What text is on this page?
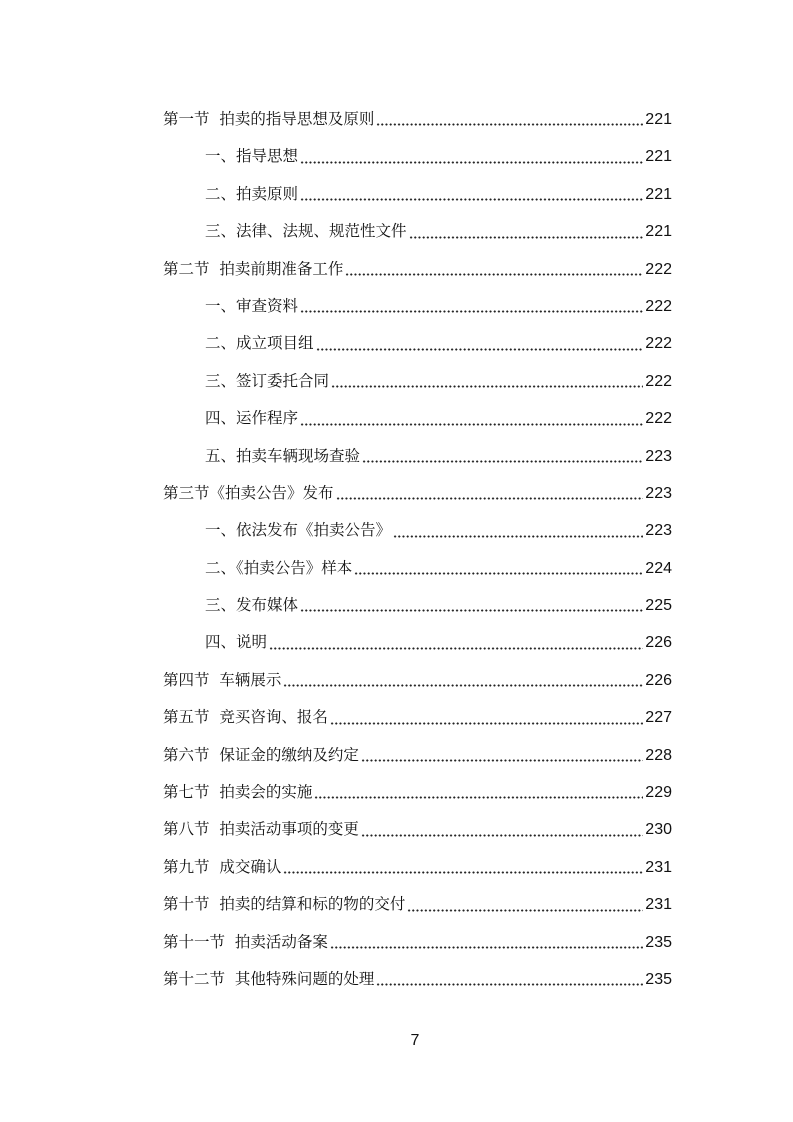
第一节  拍卖的指导思想及原则	221
一、指导思想	221
二、拍卖原则	221
三、法律、法规、规范性文件	221
第二节  拍卖前期准备工作	222
一、审查资料	222
二、成立项目组	222
三、签订委托合同	222
四、运作程序	222
五、拍卖车辆现场查验	223
第三节《拍卖公告》发布	223
一、依法发布《拍卖公告》	223
二、《拍卖公告》样本	224
三、发布媒体	225
四、说明	226
第四节  车辆展示	226
第五节  竞买咨询、报名	227
第六节  保证金的缴纳及约定	228
第七节  拍卖会的实施	229
第八节  拍卖活动事项的变更	230
第九节  成交确认	231
第十节  拍卖的结算和标的物的交付	231
第十一节  拍卖活动备案	235
第十二节  其他特殊问题的处理	235
7
